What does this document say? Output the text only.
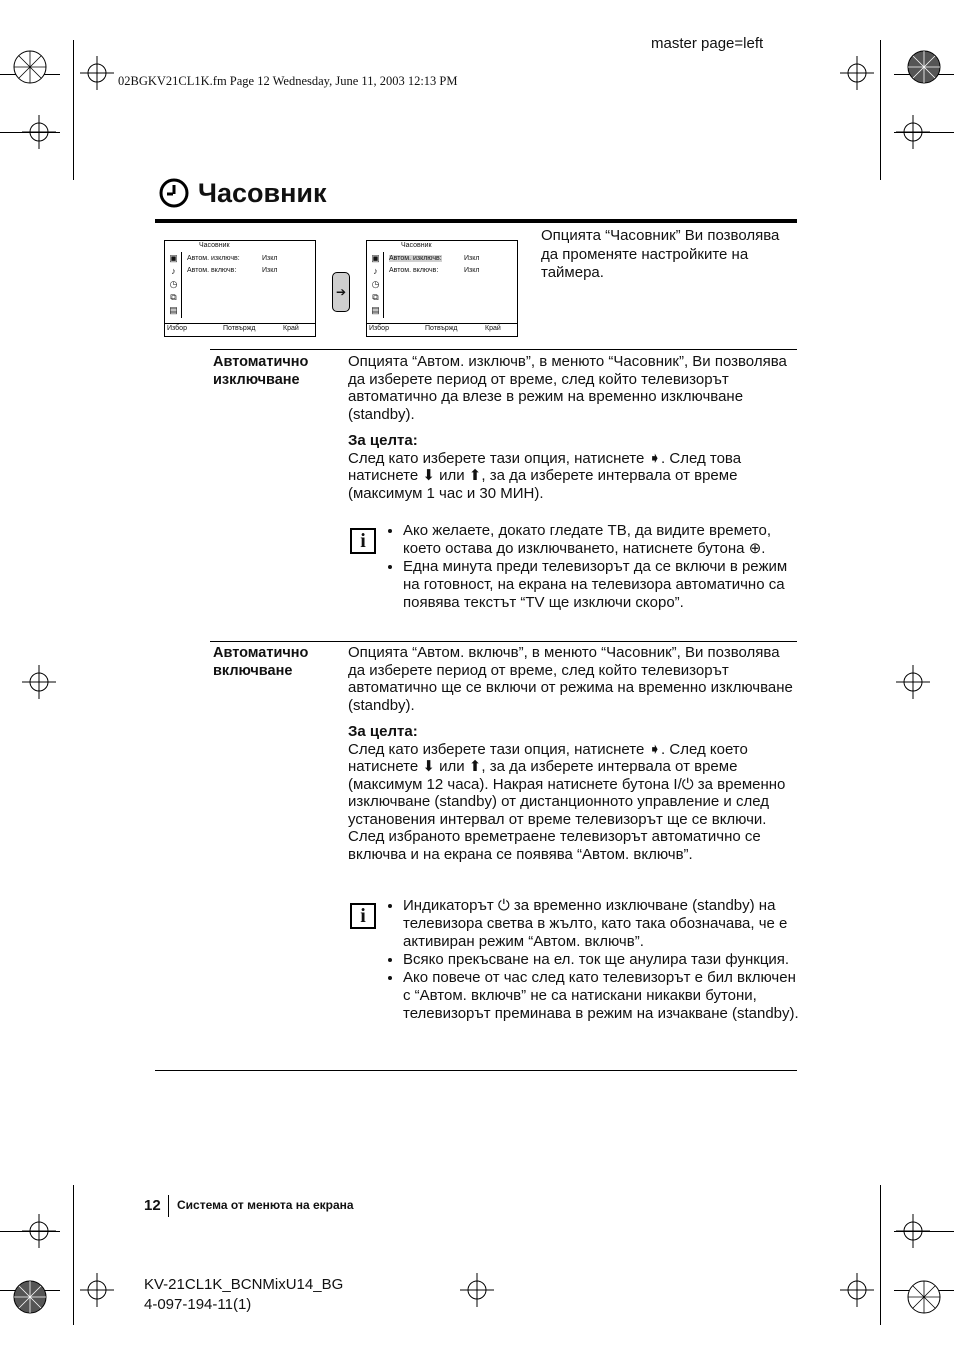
master page=left
02BGKV21CL1K.fm Page 12 Wednesday, June 11, 2003 12:13 PM
Часовник
Часовник
▣
♪
◷
⧉
▤
Автом. изключв:	Изкл
Автом. включв:	Изкл
Избор	Потвържд	Край
➔
Часовник
▣
♪
◷
⧉
▤
Автом. изключв:	Изкл
Автом. включв:	Изкл
Избор	Потвържд	Край
Опцията “Часовник” Ви позволява да променяте настройките на таймера.
Автоматично изключване

Опцията “Автом. изключв”, в менюто “Часовник”, Ви позволява да изберете период от време, след който телевизорът автоматично да влезе в режим на временно изключване (standby).

За целта:

След като изберете тази опция, натиснете ➧. След това натиснете ⬇ или ⬆, за да изберете интервала от време (максимум 1 час и 30 МИН).

i	• Ако желаете, докато гледате ТВ, да видите времето, което остава до изключването, натиснете бутона ⊕.
• Една минута преди телевизорът да се включи в режим на готовност, на екрана на телевизора автоматично са появява текстът “TV ще изключи скоро”.
Автоматично включване

Опцията “Автом. включв”, в менюто “Часовник”, Ви позволява да изберете период от време, след който телевизорът автоматично ще се включи от режима на временно изключване (standby).

За целта:

След като изберете тази опция, натиснете ➧. След което натиснете ⬇ или ⬆, за да изберете интервала от време (максимум 12 часа). Накрая натиснете бутона I/⏻ за временно изключване (standby) от дистанционното управление и след установения интервал от време телевизорът ще се включи.

След избраното времетраене телевизорът автоматично се включва и на екрана се появява “Автом. включв”.

i	• Индикаторът ⏻ за временно изключване (standby) на телевизора светва в жълто, като така обозначава, че е активиран режим “Автом. включв”.
• Всяко прекъсване на ел. ток ще анулира тази функция.
• Ако повече от час след като телевизорът е бил включен с “Автом. включв” не са натискани никакви бутони, телевизорът преминава в режим на изчакване (standby).
12 Система от менюта на екрана
KV-21CL1K_BCNMixU14_BG
4-097-194-11(1)
